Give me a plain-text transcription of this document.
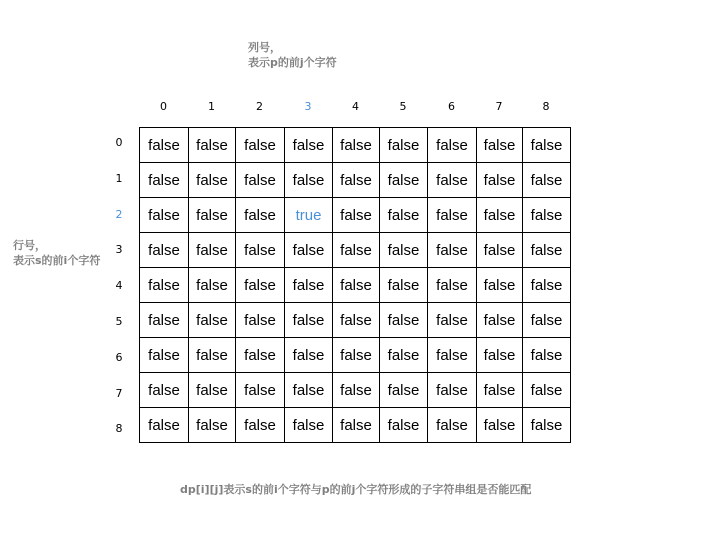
列号，
表示p的前j个字符
行号，
表示s的前i个字符
0	1	2	3	4	5	6	7	8
0
1
2
3
4
5
6
7
8
false	false	false	false	false	false	false	false	false
false	false	false	false	false	false	false	false	false
false	false	false	true	false	false	false	false	false
false	false	false	false	false	false	false	false	false
false	false	false	false	false	false	false	false	false
false	false	false	false	false	false	false	false	false
false	false	false	false	false	false	false	false	false
false	false	false	false	false	false	false	false	false
false	false	false	false	false	false	false	false	false
dp[i][j]表示s的前i个字符与p的前j个字符形成的子字符串组是否能匹配
